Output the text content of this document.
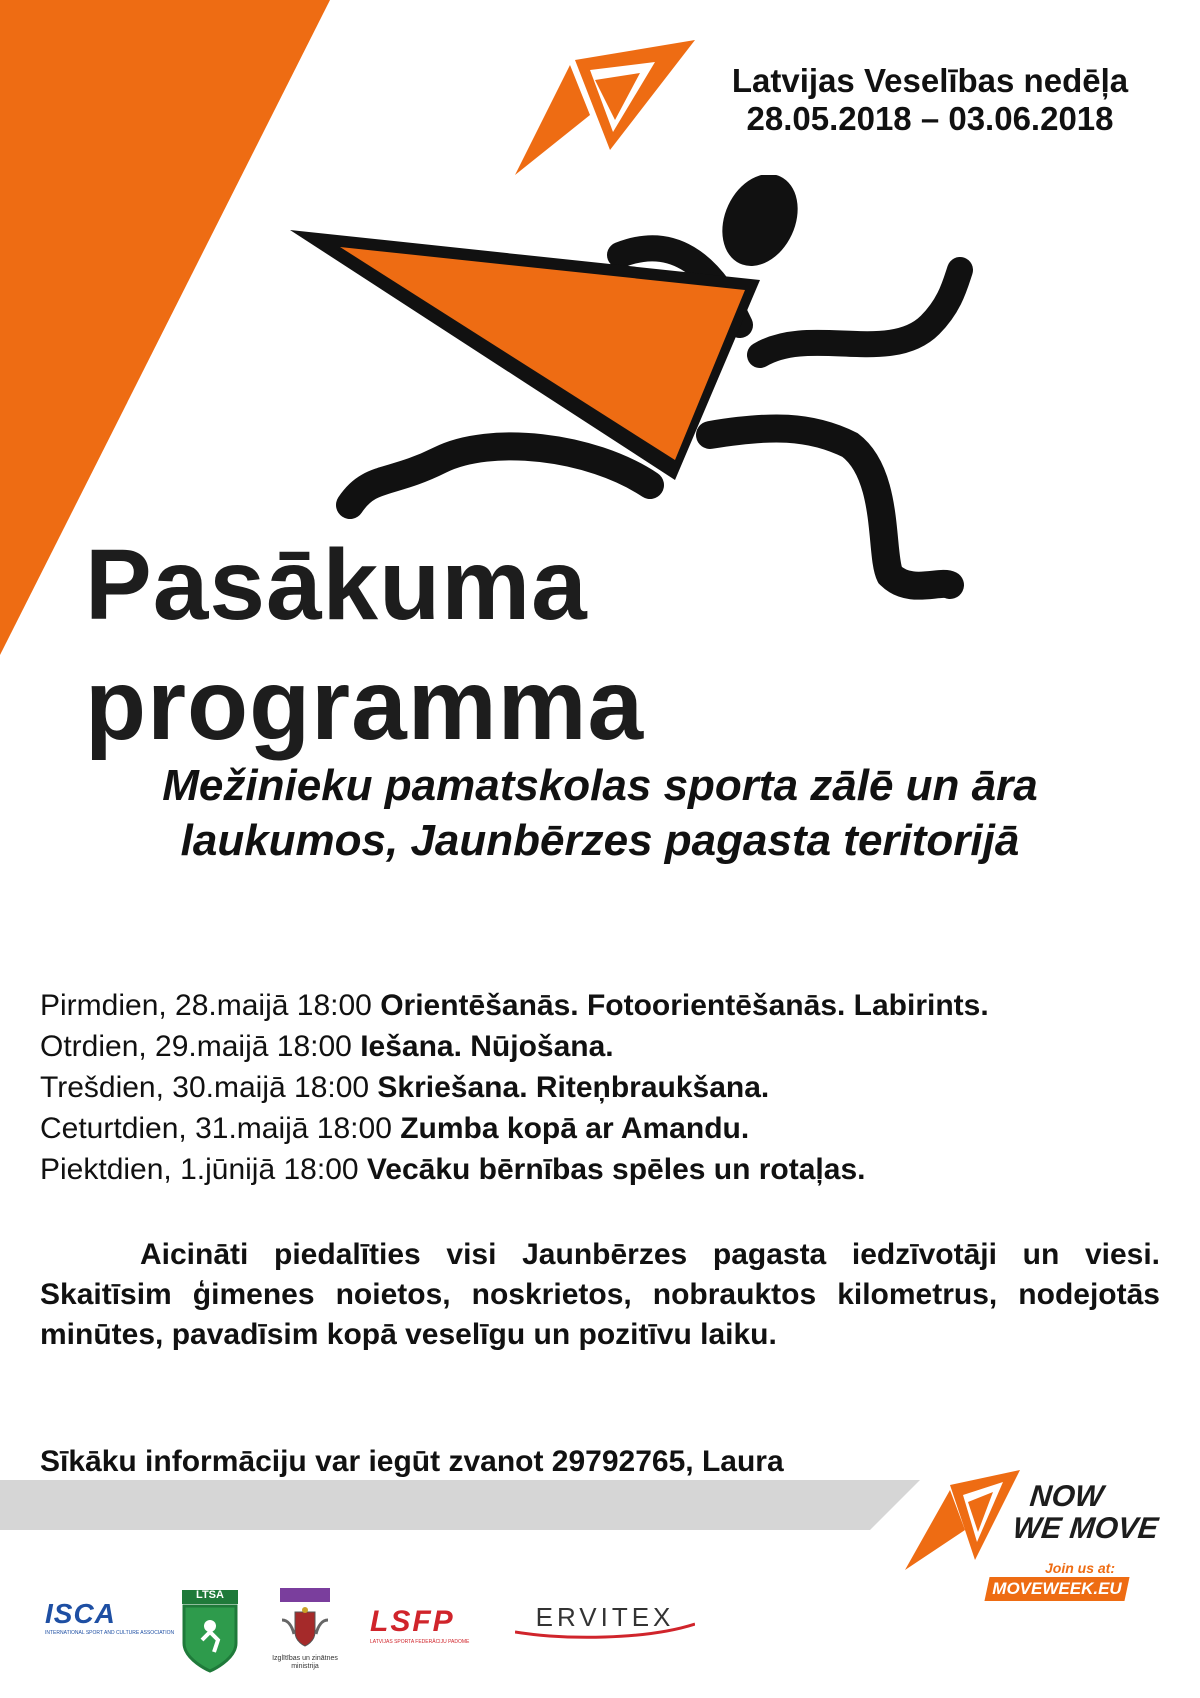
Latvijas Veselības nedēļa
28.05.2018 – 03.06.2018
Pasākuma
programma
Mežinieku pamatskolas sporta zālē un āra
laukumos, Jaunbērzes pagasta teritorijā
Pirmdien, 28.maijā 18:00 Orientēšanās. Fotoorientēšanās. Labirints.
Otrdien, 29.maijā 18:00 Iešana. Nūjošana.
Trešdien, 30.maijā 18:00 Skriešana. Riteņbraukšana.
Ceturtdien, 31.maijā 18:00 Zumba kopā ar Amandu.
Piektdien, 1.jūnijā 18:00 Vecāku bērnības spēles un rotaļas.
Aicināti piedalīties visi Jaunbērzes pagasta iedzīvotāji un viesi. Skaitīsim ģimenes noietos, noskrietos, nobrauktos kilometrus, nodejotās minūtes, pavadīsim kopā veselīgu un pozitīvu laiku.
Sīkāku informāciju var iegūt zvanot 29792765, Laura
NOW
WE MOVE
Join us at:
MOVEWEEK.EU
ISCA
INTERNATIONAL SPORT AND CULTURE ASSOCIATION
LTSA
Izglītības un zinātnes ministrija
LSFP
LATVIJAS SPORTA FEDERĀCIJU PADOME
ERVITEX
